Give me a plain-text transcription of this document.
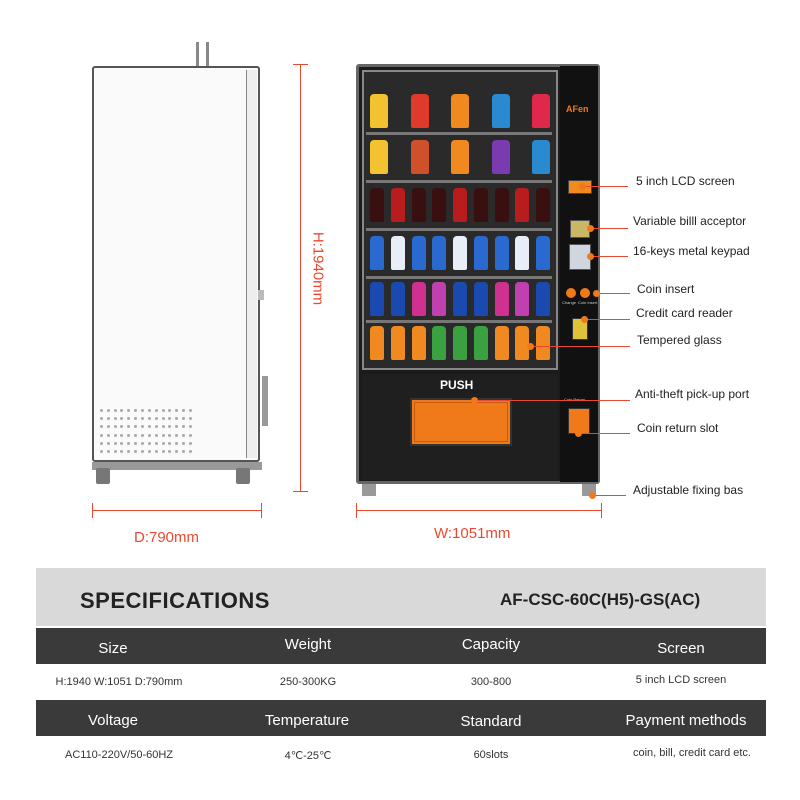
D:790mm
H:1940mm
W:1051mm
AFen
Change Coin Insert
PUSH
5 inch LCD screen
Variable billl acceptor
16-keys metal keypad
Coin insert
Credit card reader
Tempered glass
Anti-theft pick-up port
Coin return slot
Adjustable fixing bas
SPECIFICATIONS	AF-CSC-60C(H5)-GS(AC)
Size	Weight	Capacity	Screen
H:1940 W:1051 D:790mm	250-300KG	300-800	5 inch LCD screen
Voltage	Temperature	Standard	Payment methods
AC110-220V/50-60HZ	4℃-25℃	60slots	coin, bill, credit card etc.
